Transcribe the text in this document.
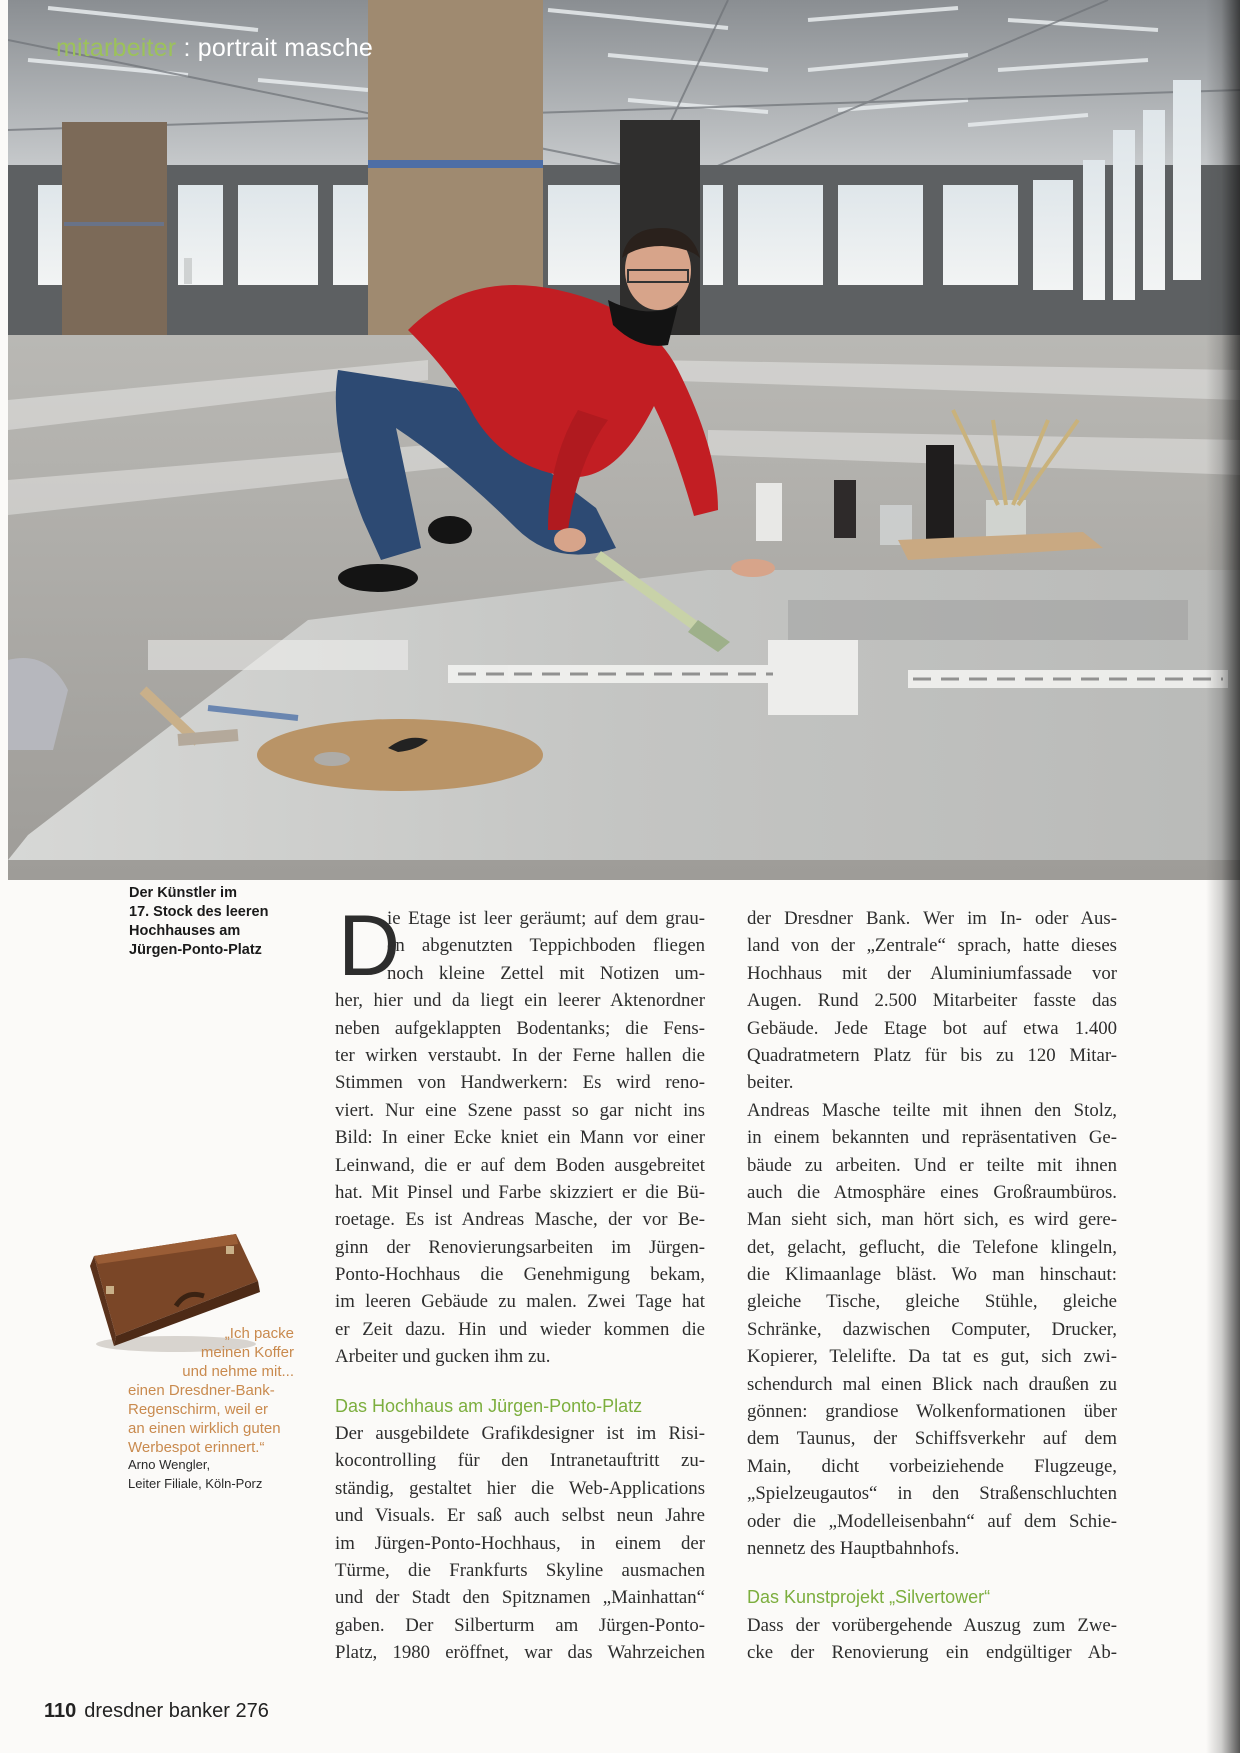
mitarbeiter : portrait masche
Der Künstler im
17. Stock des leeren
Hochhauses am
Jürgen-Ponto-Platz
„Ich packe
meinen Koffer
und nehme mit...
einen Dresdner-Bank-
Regenschirm, weil er
an einen wirklich guten
Werbespot erinnert.“
Arno Wengler,
Leiter Filiale, Köln-Porz
D
ie Etage ist leer geräumt; auf dem grau-
en abgenutzten Teppichboden fliegen
noch kleine Zettel mit Notizen um-
her, hier und da liegt ein leerer Aktenordner
neben aufgeklappten Bodentanks; die Fens-
ter wirken verstaubt. In der Ferne hallen die
Stimmen von Handwerkern: Es wird reno-
viert. Nur eine Szene passt so gar nicht ins
Bild: In einer Ecke kniet ein Mann vor einer
Leinwand, die er auf dem Boden ausgebreitet
hat. Mit Pinsel und Farbe skizziert er die Bü-
roetage. Es ist Andreas Masche, der vor Be-
ginn der Renovierungsarbeiten im Jürgen-
Ponto-Hochhaus die Genehmigung bekam,
im leeren Gebäude zu malen. Zwei Tage hat
er Zeit dazu. Hin und wieder kommen die
Arbeiter und gucken ihm zu.
Das Hochhaus am Jürgen-Ponto-Platz
Der ausgebildete Grafikdesigner ist im Risi-
kocontrolling für den Intranetauftritt zu-
ständig, gestaltet hier die Web-Applications
und Visuals. Er saß auch selbst neun Jahre
im Jürgen-Ponto-Hochhaus, in einem der
Türme, die Frankfurts Skyline ausmachen
und der Stadt den Spitznamen „Mainhattan“
gaben. Der Silberturm am Jürgen-Ponto-
Platz, 1980 eröffnet, war das Wahrzeichen
der Dresdner Bank. Wer im In- oder Aus-
land von der „Zentrale“ sprach, hatte dieses
Hochhaus mit der Aluminiumfassade vor
Augen. Rund 2.500 Mitarbeiter fasste das
Gebäude. Jede Etage bot auf etwa 1.400
Quadratmetern Platz für bis zu 120 Mitar-
beiter.
Andreas Masche teilte mit ihnen den Stolz,
in einem bekannten und repräsentativen Ge-
bäude zu arbeiten. Und er teilte mit ihnen
auch die Atmosphäre eines Großraumbüros.
Man sieht sich, man hört sich, es wird gere-
det, gelacht, geflucht, die Telefone klingeln,
die Klimaanlage bläst. Wo man hinschaut:
gleiche Tische, gleiche Stühle, gleiche
Schränke, dazwischen Computer, Drucker,
Kopierer, Telelifte. Da tat es gut, sich zwi-
schendurch mal einen Blick nach draußen zu
gönnen: grandiose Wolkenformationen über
dem Taunus, der Schiffsverkehr auf dem
Main, dicht vorbeiziehende Flugzeuge,
„Spielzeugautos“ in den Straßenschluchten
oder die „Modelleisenbahn“ auf dem Schie-
nennetz des Hauptbahnhofs.
Das Kunstprojekt „Silvertower“
Dass der vorübergehende Auszug zum Zwe-
cke der Renovierung ein endgültiger Ab-
110 dresdner banker 276
